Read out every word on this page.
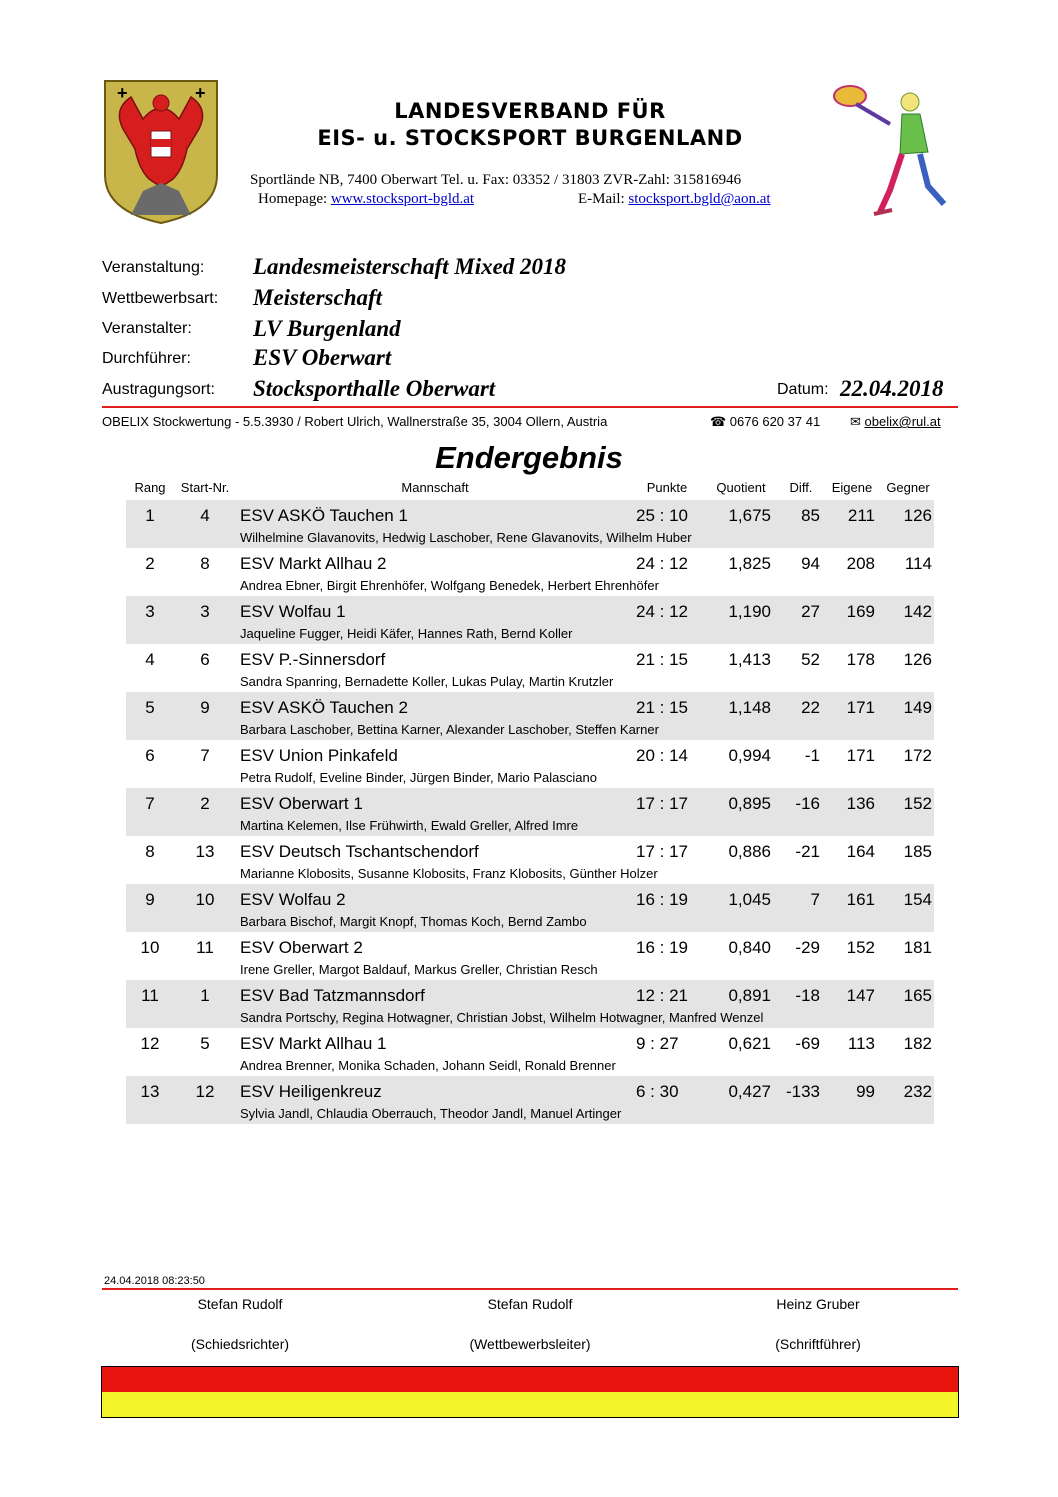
+	+
LANDESVERBAND FÜR
EIS- u. STOCKSPORT BURGENLAND
Sportlände NB, 7400 Oberwart Tel. u. Fax: 03352 / 31803 ZVR-Zahl: 315816946
Homepage: www.stocksport-bgld.at	E-Mail: stocksport.bgld@aon.at
Veranstaltung: Landesmeisterschaft Mixed 2018
Wettbewerbsart: Meisterschaft
Veranstalter:	LV Burgenland
Durchführer:	ESV Oberwart
Austragungsort: Stocksporthalle Oberwart	Datum: 22.04.2018
OBELIX Stockwertung - 5.5.3930 / Robert Ulrich, Wallnerstraße 35, 3004 Ollern, Austria	☎ 0676 620 37 41 ✉ obelix@rul.at
Endergebnis
Rang	Start-Nr.	Mannschaft	Punkte	Quotient	Diff.	Eigene	Gegner
1	4	ESV ASKÖ Tauchen 1	25 : 10	1,675	85	211	126
Wilhelmine Glavanovits, Hedwig Laschober, Rene Glavanovits, Wilhelm Huber
2	8	ESV Markt Allhau 2	24 : 12	1,825	94	208	114
Andrea Ebner, Birgit Ehrenhöfer, Wolfgang Benedek, Herbert Ehrenhöfer
3	3	ESV Wolfau 1	24 : 12	1,190	27	169	142
Jaqueline Fugger, Heidi Käfer, Hannes Rath, Bernd Koller
4	6	ESV P.-Sinnersdorf	21 : 15	1,413	52	178	126
Sandra Spanring, Bernadette Koller, Lukas Pulay, Martin Krutzler
5	9	ESV ASKÖ Tauchen 2	21 : 15	1,148	22	171	149
Barbara Laschober, Bettina Karner, Alexander Laschober, Steffen Karner
6	7	ESV Union Pinkafeld	20 : 14	0,994	-1	171	172
Petra Rudolf, Eveline Binder, Jürgen Binder, Mario Palasciano
7	2	ESV Oberwart 1	17 : 17	0,895	-16	136	152
Martina Kelemen, Ilse Frühwirth, Ewald Greller, Alfred Imre
8	13	ESV Deutsch Tschantschendorf	17 : 17	0,886	-21	164	185
Marianne Klobosits, Susanne Klobosits, Franz Klobosits, Günther Holzer
9	10	ESV Wolfau 2	16 : 19	1,045	7	161	154
Barbara Bischof, Margit Knopf, Thomas Koch, Bernd Zambo
10	11	ESV Oberwart 2	16 : 19	0,840	-29	152	181
Irene Greller, Margot Baldauf, Markus Greller, Christian Resch
11	1	ESV Bad Tatzmannsdorf	12 : 21	0,891	-18	147	165
Sandra Portschy, Regina Hotwagner, Christian Jobst, Wilhelm Hotwagner, Manfred Wenzel
12	5	ESV Markt Allhau 1	9 : 27	0,621	-69	113	182
Andrea Brenner, Monika Schaden, Johann Seidl, Ronald Brenner
13	12	ESV Heiligenkreuz	6 : 30	0,427 -133	99	232
Sylvia Jandl, Chlaudia Oberrauch, Theodor Jandl, Manuel Artinger
24.04.2018 08:23:50
Stefan Rudolf	Stefan Rudolf	Heinz Gruber
(Schiedsrichter)	(Wettbewerbsleiter)	(Schriftführer)
